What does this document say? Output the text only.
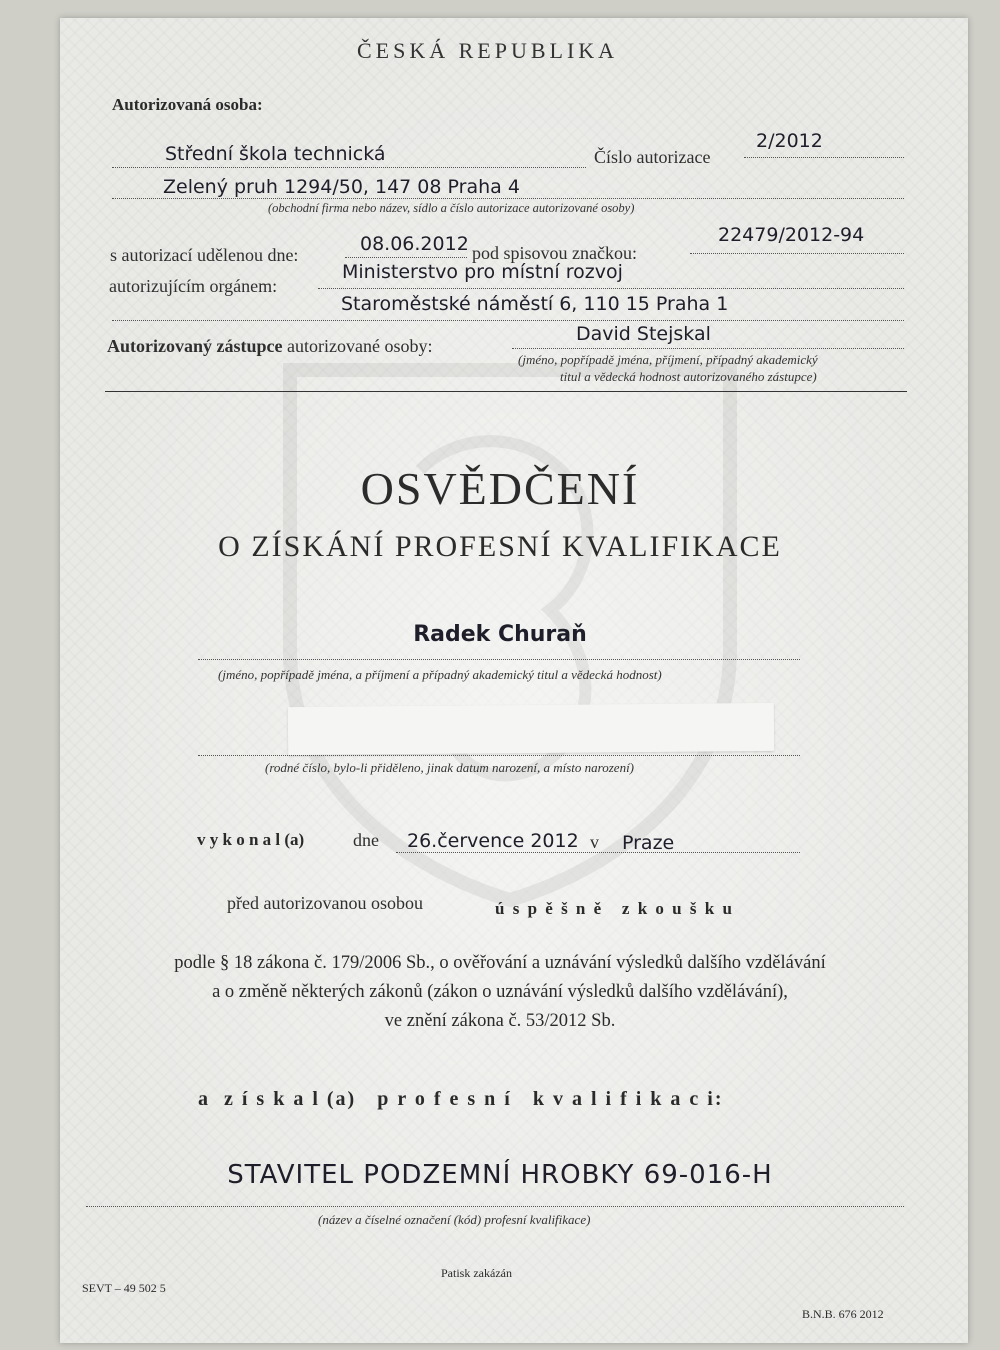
ČESKÁ REPUBLIKA
Autorizovaná osoba:
Střední škola technická	Číslo autorizace
2/2012
Zelený pruh 1294/50, 147 08 Praha 4
(obchodní firma nebo název, sídlo a číslo autorizace autorizované osoby)
s autorizací udělenou dne:	08.06.2012 pod spisovou značkou:
22479/2012-94
autorizujícím orgánem:
Ministerstvo pro místní rozvoj
Staroměstské náměstí 6, 110 15 Praha 1
Autorizovaný zástupce autorizované osoby:
David Stejskal
(jméno, popřípadě jména, příjmení, případný akademický
titul a vědecká hodnost autorizovaného zástupce)
OSVĚDČENÍ
O ZÍSKÁNÍ PROFESNÍ KVALIFIKACE
Radek Churaň
(jméno, popřípadě jména, a příjmení a případný akademický titul a vědecká hodnost)
(rodné číslo, bylo-li přiděleno, jinak datum narození, a místo narození)
v y k o n a l (a)	dne 26.července 2012 v Praze
před autorizovanou osobou	ú s p ě š n ě   z k o u š k u
podle § 18 zákona č. 179/2006 Sb., o ověřování a uznávání výsledků dalšího vzdělávání
a o změně některých zákonů (zákon o uznávání výsledků dalšího vzdělávání),
ve znění zákona č. 53/2012 Sb.
a  z í s k a l (a)   p r o f e s n í   k v a l i f i k a c i:
STAVITEL PODZEMNÍ HROBKY 69-016-H
(název a číselné označení (kód) profesní kvalifikace)
Patisk zakázán
SEVT – 49 502 5
B.N.B. 676 2012
